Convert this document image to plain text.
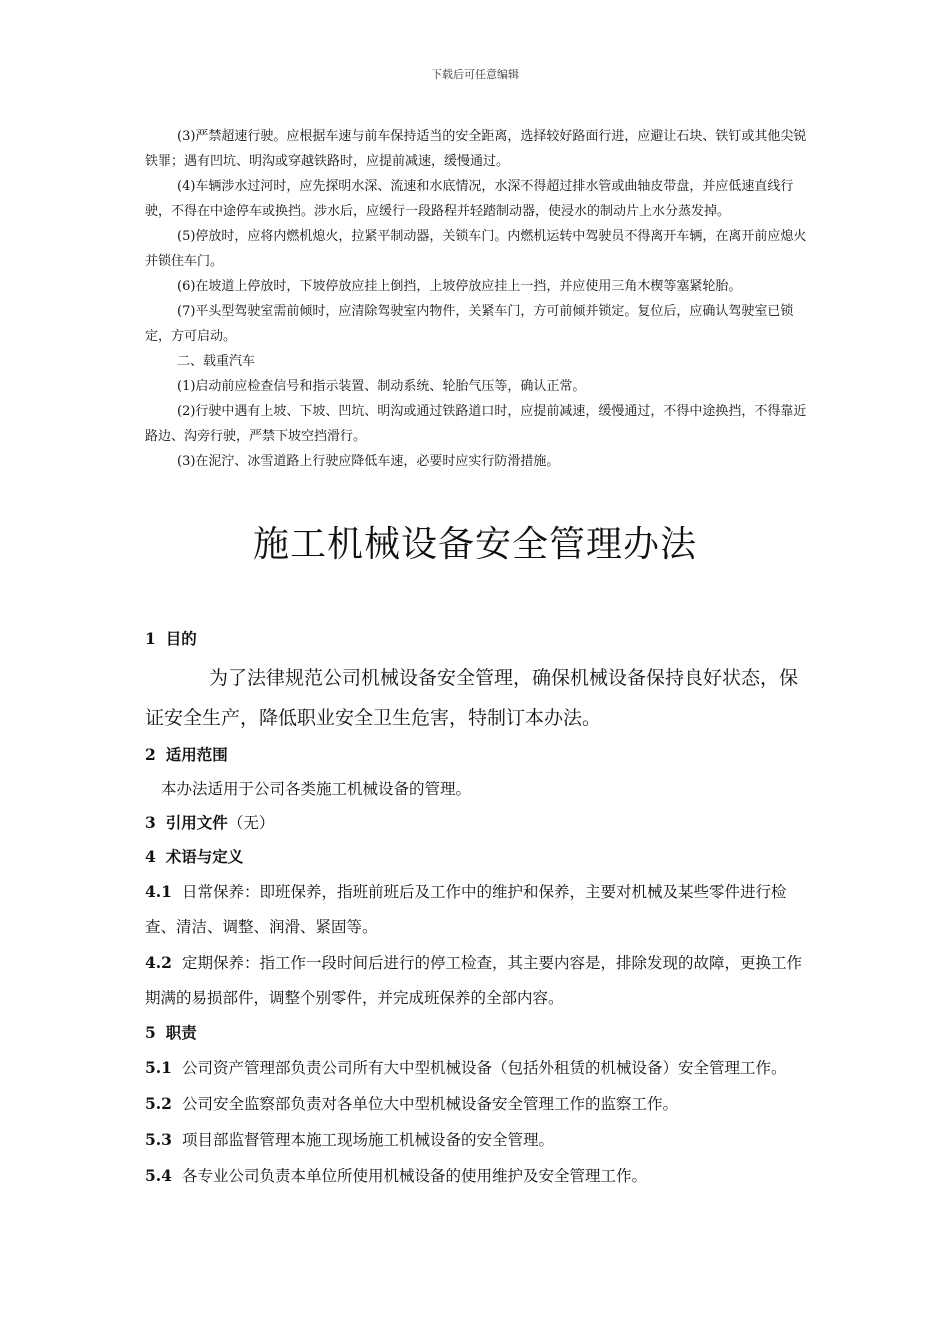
下载后可任意编辑

(3)严禁超速行驶。应根据车速与前车保持适当的安全距离，选择较好路面行进，应避让石块、铁钉或其他尖锐铁罪；遇有凹坑、明沟或穿越铁路时，应提前减速，缓慢通过。

(4)车辆涉水过河时，应先探明水深、流速和水底情况，水深不得超过排水管或曲轴皮带盘，并应低速直线行驶，不得在中途停车或换挡。涉水后，应缓行一段路程并轻踏制动器，使浸水的制动片上水分蒸发掉。

(5)停放时，应将内燃机熄火，拉紧平制动器，关锁车门。内燃机运转中驾驶员不得离开车辆，在离开前应熄火并锁住车门。

(6)在坡道上停放时，下坡停放应挂上倒挡，上坡停放应挂上一挡，并应使用三角木楔等塞紧轮胎。

(7)平头型驾驶室需前倾时，应清除驾驶室内物件，关紧车门，方可前倾并锁定。复位后，应确认驾驶室已锁定，方可启动。

二、载重汽车

(1)启动前应检查信号和指示装置、制动系统、轮胎气压等，确认正常。

(2)行驶中遇有上坡、下坡、凹坑、明沟或通过铁路道口时，应提前减速，缓慢通过，不得中途换挡，不得靠近路边、沟旁行驶，严禁下坡空挡滑行。

(3)在泥泞、冰雪道路上行驶应降低车速，必要时应实行防滑措施。

施工机械设备安全管理办法

1 目的

为了法律规范公司机械设备安全管理，确保机械设备保持良好状态，保证安全生产，降低职业安全卫生危害，特制订本办法。

2 适用范围

本办法适用于公司各类施工机械设备的管理。

3 引用文件（无）

4 术语与定义

4.1 日常保养：即班保养，指班前班后及工作中的维护和保养，主要对机械及某些零件进行检查、清洁、调整、润滑、紧固等。

4.2 定期保养：指工作一段时间后进行的停工检查，其主要内容是，排除发现的故障，更换工作期满的易损部件，调整个别零件，并完成班保养的全部内容。

5 职责

5.1 公司资产管理部负责公司所有大中型机械设备（包括外租赁的机械设备）安全管理工作。

5.2 公司安全监察部负责对各单位大中型机械设备安全管理工作的监察工作。

5.3 项目部监督管理本施工现场施工机械设备的安全管理。

5.4 各专业公司负责本单位所使用机械设备的使用维护及安全管理工作。
